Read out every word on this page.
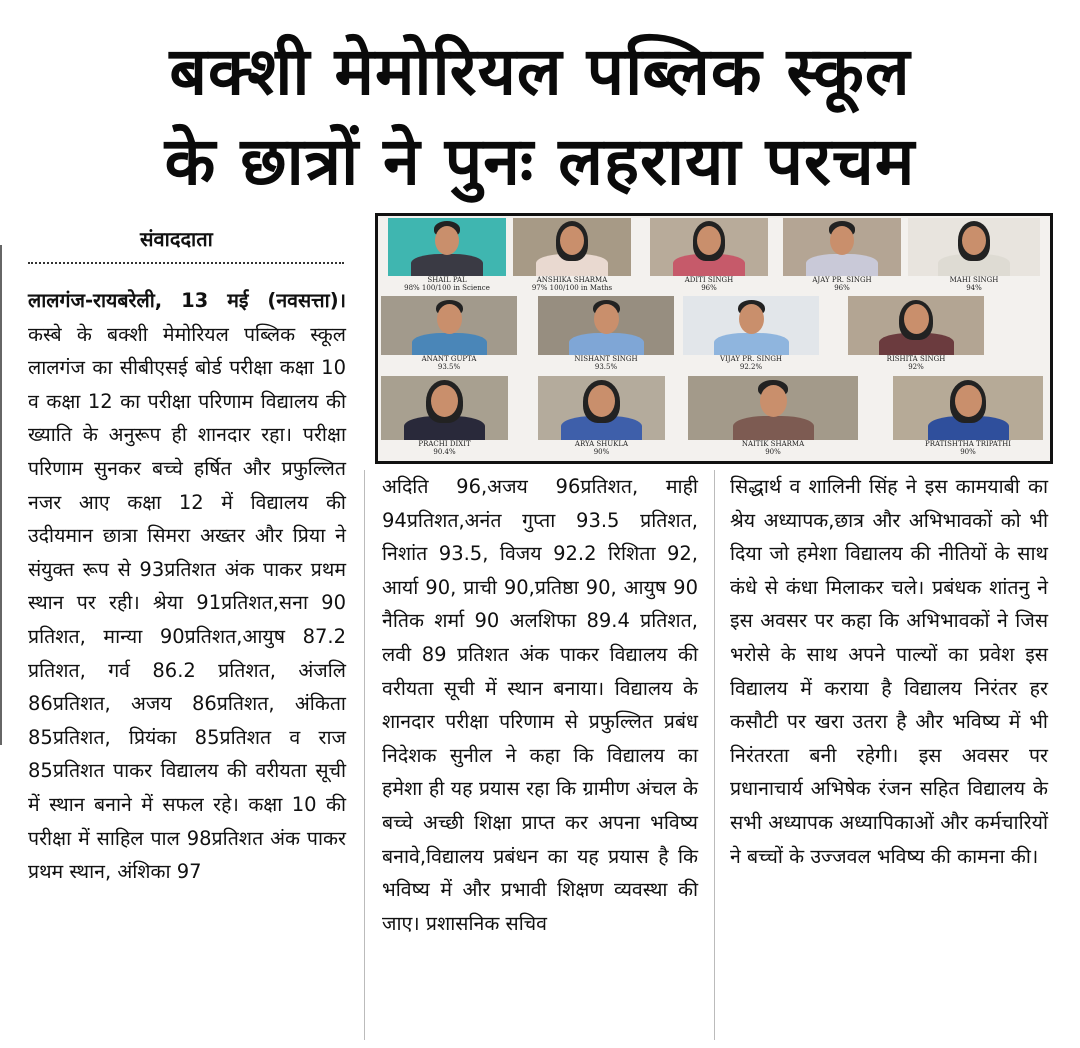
बक्शी मेमोरियल पब्लिक स्कूल
के छात्रों ने पुनः लहराया परचम
संवाददाता
लालगंज-रायबरेली, 13 मई (नवसत्ता)। कस्बे के बक्शी मेमोरियल पब्लिक स्कूल लालगंज का सीबीएसई बोर्ड परीक्षा कक्षा 10 व कक्षा 12 का परीक्षा परिणाम विद्यालय की ख्याति के अनुरूप ही शानदार रहा। परीक्षा परिणाम सुनकर बच्चे हर्षित और प्रफुल्लित नजर आए कक्षा 12 में विद्यालय की उदीयमान छात्रा सिमरा अख्तर और प्रिया ने संयुक्त रूप से 93प्रतिशत अंक पाकर प्रथम स्थान पर रही। श्रेया 91प्रतिशत,सना 90 प्रतिशत, मान्या 90प्रतिशत,आयुष 87.2 प्रतिशत, गर्व 86.2 प्रतिशत, अंजलि 86प्रतिशत, अजय 86प्रतिशत, अंकिता 85प्रतिशत, प्रियंका 85प्रतिशत व राज 85प्रतिशत पाकर विद्यालय की वरीयता सूची में स्थान बनाने में सफल रहे। कक्षा 10 की परीक्षा में साहिल पाल 98प्रतिशत अंक पाकर प्रथम स्थान, अंशिका 97
अदिति 96,अजय 96प्रतिशत, माही 94प्रतिशत,अनंत गुप्ता 93.5 प्रतिशत, निशांत 93.5, विजय 92.2 रिशिता 92, आर्या 90, प्राची 90,प्रतिष्ठा 90, आयुष 90 नैतिक शर्मा 90 अलशिफा 89.4 प्रतिशत, लवी 89 प्रतिशत अंक पाकर विद्यालय की वरीयता सूची में स्थान बनाया। विद्यालय के शानदार परीक्षा परिणाम से प्रफुल्लित प्रबंध निदेशक सुनील ने कहा कि विद्यालय का हमेशा ही यह प्रयास रहा कि ग्रामीण अंचल के बच्चे अच्छी शिक्षा प्राप्त कर अपना भविष्य बनावे,विद्यालय प्रबंधन का यह प्रयास है कि भविष्य में और प्रभावी शिक्षण व्यवस्था की जाए। प्रशासनिक सचिव
सिद्धार्थ व शालिनी सिंह ने इस कामयाबी का श्रेय अध्यापक,छात्र और अभिभावकों को भी दिया जो हमेशा विद्यालय की नीतियों के साथ कंधे से कंधा मिलाकर चले। प्रबंधक शांतनु ने इस अवसर पर कहा कि अभिभावकों ने जिस भरोसे के साथ अपने पाल्यों का प्रवेश इस विद्यालय में कराया है विद्यालय निरंतर हर कसौटी पर खरा उतरा है और भविष्य में भी निरंतरता बनी रहेगी। इस अवसर पर प्रधानाचार्य अभिषेक रंजन सहित विद्यालय के सभी अध्यापक अध्यापिकाओं और कर्मचारियों ने बच्चों के उज्जवल भविष्य की कामना की।
SHAIL PAL
98% 100/100 in Science
ANSHIKA SHARMA
97% 100/100 in Maths
ADITI SINGH
96%
AJAY PR. SINGH
96%
MAHI SINGH
94%
ANANT GUPTA
93.5%
NISHANT SINGH
93.5%
VIJAY PR. SINGH
92.2%
RISHITA SINGH
92%
PRACHI DIXIT
90.4%
ARYA SHUKLA
90%
NAITIK SHARMA
90%
PRATISHTHA TRIPATHI
90%
